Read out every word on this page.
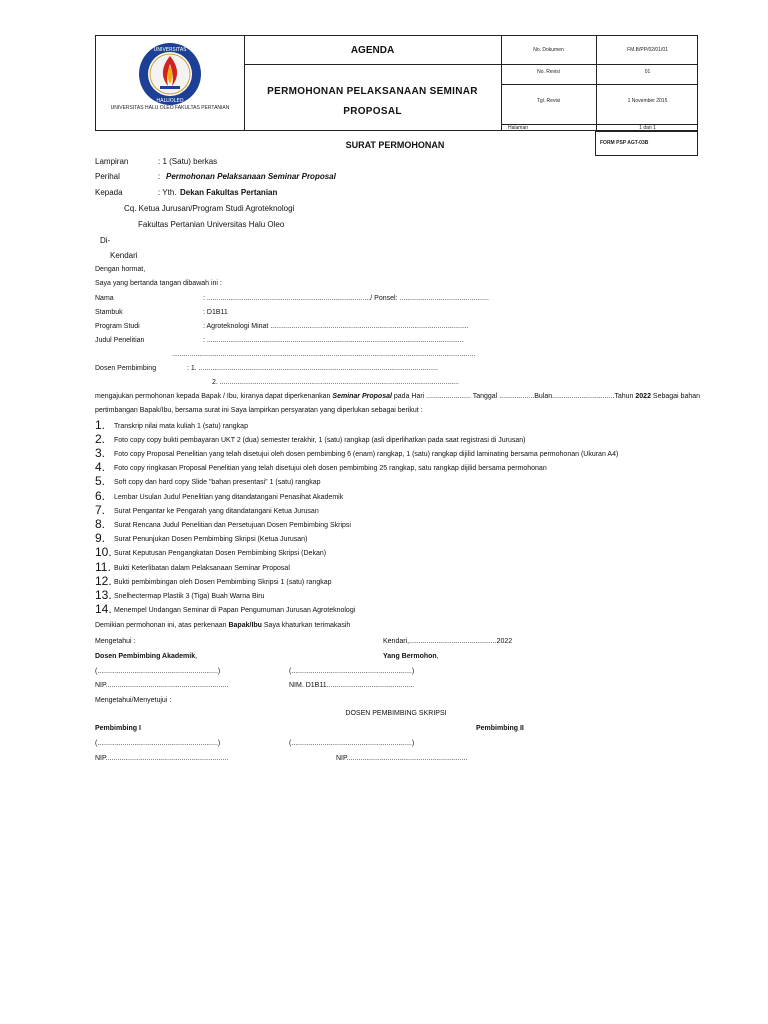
UNIVERSITAS
HALUOLEO
UNIVERSITAS HALU OLEO FAKULTAS PERTANIAN
AGENDA
PERMOHONAN PELAKSANAAN SEMINAR
PROPOSAL
No. Dokumen	FM.B/PP/02/01/01
No. Revisi	01
Tgl. Revisi	1 November 2015
Halaman	1 dari 1
FORM PSP AGT-03B
SURAT PERMOHONAN
Lampiran	: 1 (Satu) berkas
Perihal	: Permohonan Pelaksanaan Seminar Proposal
Kepada	: Yth. Dekan Fakultas Pertanian
Cq. Ketua Jurusan/Program Studi Agroteknologi
Fakultas Pertanian Universitas Halu Oleo
Di-
Kendari
Dengan hormat,
Saya yang bertanda tangan dibawah ini :
Nama	: ..................................................................................../ Ponsel: ..............................................
Stambuk	: D1B11
Program Studi	: Agroteknologi Minat ......................................................................................................
Judul Penelitian	: ....................................................................................................................................
............................................................................................................................................................
Dosen Pembimbing	: 1. ...........................................................................................................................
2. ...........................................................................................................................
mengajukan permohonan kepada Bapak / Ibu, kiranya dapat diperkenankan Seminar Proposal pada Hari ....................... Tanggal ..................Bulan................................Tahun 2022 Sebagai bahan
pertimbangan Bapak/Ibu, bersama surat ini Saya lampirkan persyaratan yang diperlukan sebagai berikut :
1. Transkrip nilai mata kuliah 1 (satu) rangkap
2. Foto copy copy bukti pembayaran UKT 2 (dua) semester terakhir, 1 (satu) rangkap (asli diperlihatkan pada saat registrasi di Jurusan)
3. Foto copy Proposal Penelitian yang telah disetujui oleh dosen pembimbing 6 (enam) rangkap, 1 (satu) rangkap dijilid laminating bersama permohonan (Ukuran A4)
4. Foto copy ringkasan Proposal Penelitian yang telah disetujui oleh dosen pembimbing 25 rangkap, satu rangkap dijilid bersama permohonan
5. Soft copy dan hard copy Slide "bahan presentasi" 1 (satu) rangkap
6. Lembar Usulan Judul Penelitian yang ditandatangani Penasihat Akademik
7. Surat Pengantar ke Pengarah yang ditandatangani Ketua Jurusan
8. Surat Rencana Judul Penelitian dan Persetujuan Dosen Pembimbing Skripsi
9. Surat Penunjukan Dosen Pembimbing Skripsi (Ketua Jurusan)
10. Surat Keputusan Pengangkatan Dosen Pembimbing Skripsi (Dekan)
11. Bukti Keterlibatan dalam Pelaksanaan Seminar Proposal
12. Bukti pembimbingan oleh Dosen Pembimbing Skripsi 1 (satu) rangkap
13. Snelhectermap Plastik 3 (Tiga) Buah Warna Biru
14. Menempel Undangan Seminar di Papan Pengumuman Jurusan Agroteknologi
Demikian permohonan ini, atas perkenaan Bapak/Ibu Saya khaturkan terimakasih
Mengetahui :	Kendari,.............................................2022
Dosen Pembimbing Akademik,	Yang Bermohon,
(..............................................................)	(..............................................................)
NIP...............................................................	NIM. D1B11.............................................
Mengetahui/Menyetujui :
DOSEN PEMBIMBING SKRIPSI
Pembimbing I	Pembimbing II
(..............................................................)	(..............................................................)
NIP...............................................................	NIP..............................................................
